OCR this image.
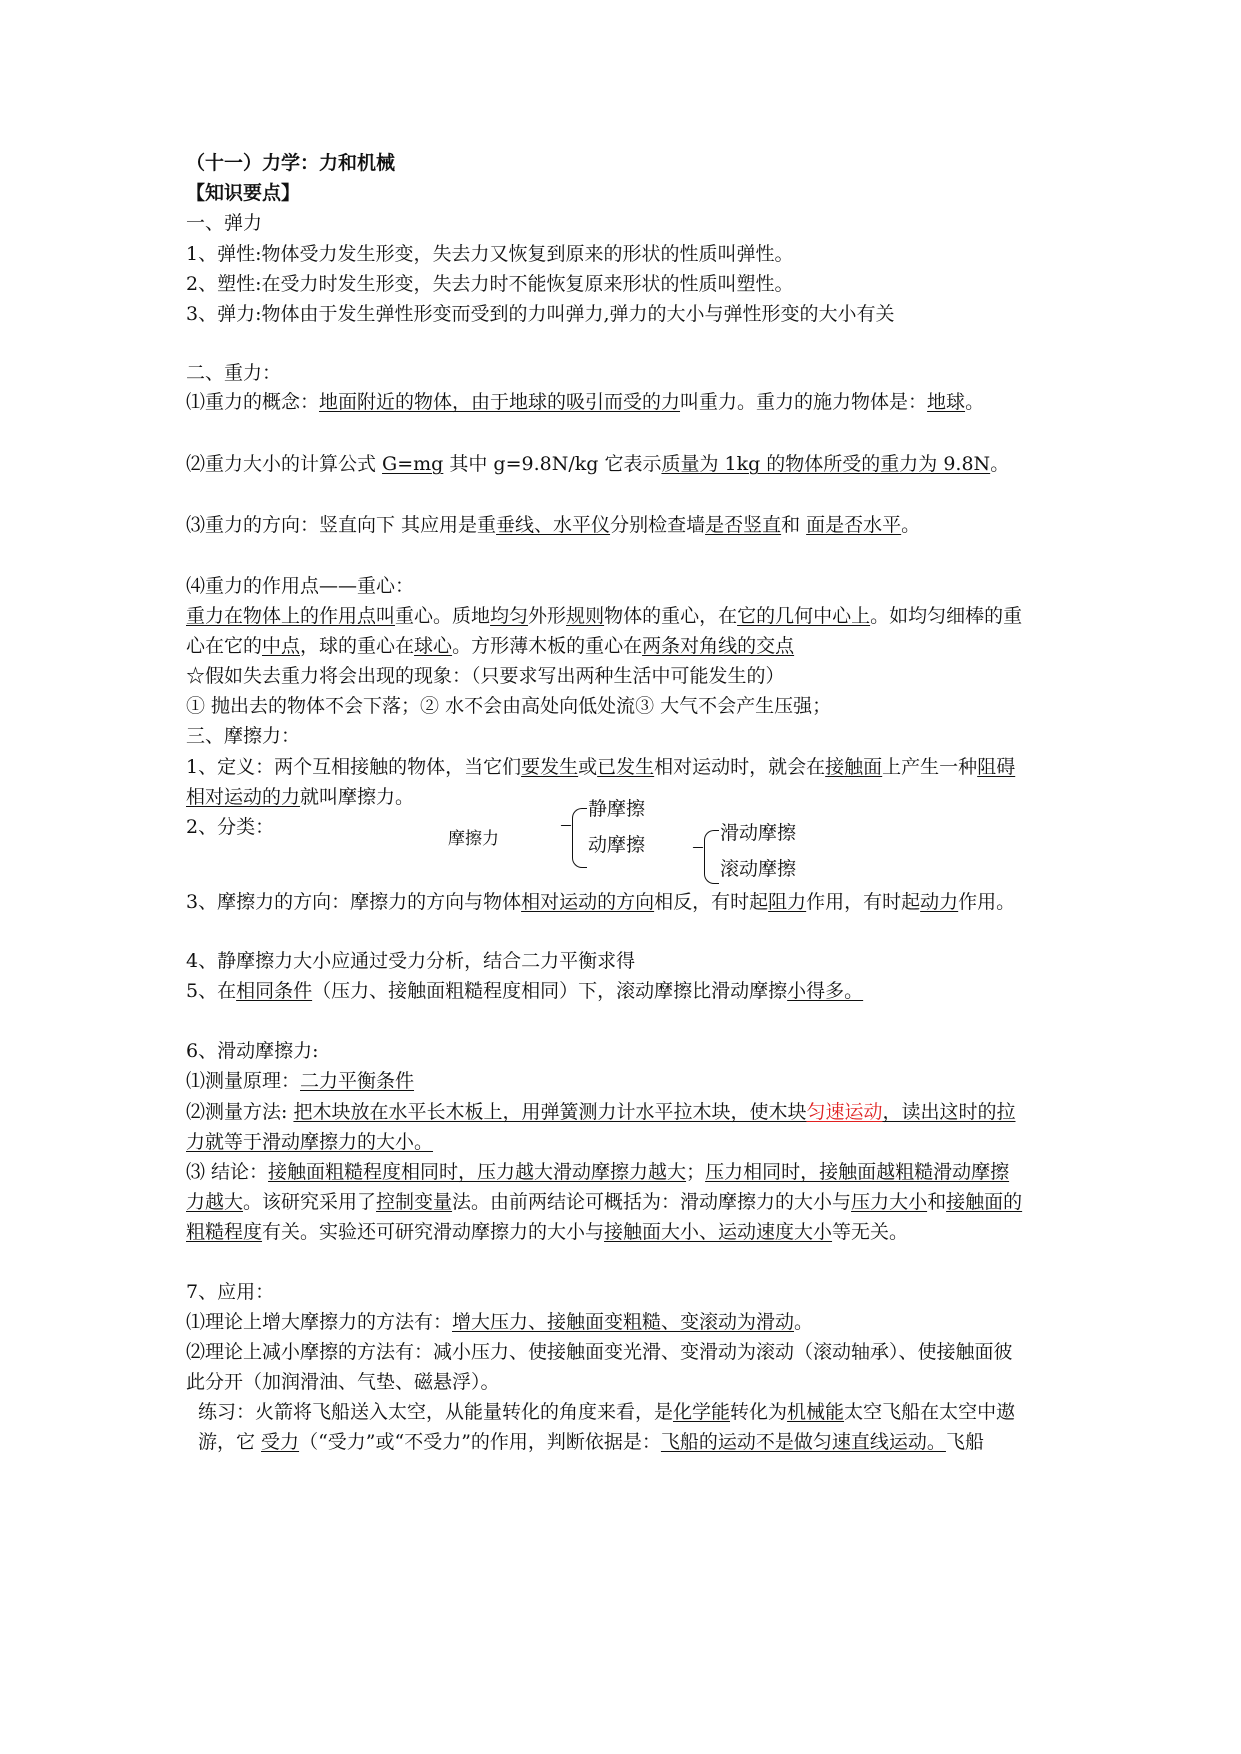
（十一）力学：力和机械
【知识要点】
一、弹力
1、弹性:物体受力发生形变，失去力又恢复到原来的形状的性质叫弹性。
2、塑性:在受力时发生形变，失去力时不能恢复原来形状的性质叫塑性。
3、弹力:物体由于发生弹性形变而受到的力叫弹力,弹力的大小与弹性形变的大小有关
二、重力：
⑴重力的概念：地面附近的物体，由于地球的吸引而受的力叫重力。重力的施力物体是：地球。
⑵重力大小的计算公式 G=mg 其中 g=9.8N/kg 它表示质量为 1kg 的物体所受的重力为 9.8N。
⑶重力的方向：竖直向下 其应用是重垂线、水平仪分别检查墙是否竖直和 面是否水平。
⑷重力的作用点——重心：
重力在物体上的作用点叫重心。质地均匀外形规则物体的重心，在它的几何中心上。如均匀细棒的重
心在它的中点，球的重心在球心。方形薄木板的重心在两条对角线的交点
☆假如失去重力将会出现的现象：（只要求写出两种生活中可能发生的）
① 抛出去的物体不会下落；② 水不会由高处向低处流③ 大气不会产生压强；
三、摩擦力：
1、定义：两个互相接触的物体，当它们要发生或已发生相对运动时，就会在接触面上产生一种阻碍
相对运动的力就叫摩擦力。
2、分类：
摩擦力
静摩擦
动摩擦
滑动摩擦
滚动摩擦
3、摩擦力的方向：摩擦力的方向与物体相对运动的方向相反，有时起阻力作用，有时起动力作用。
4、静摩擦力大小应通过受力分析，结合二力平衡求得
5、在相同条件（压力、接触面粗糙程度相同）下，滚动摩擦比滑动摩擦小得多。
6、滑动摩擦力:
⑴测量原理：二力平衡条件
⑵测量方法: 把木块放在水平长木板上，用弹簧测力计水平拉木块，使木块匀速运动，读出这时的拉
力就等于滑动摩擦力的大小。
⑶ 结论：接触面粗糙程度相同时，压力越大滑动摩擦力越大；压力相同时，接触面越粗糙滑动摩擦
力越大。该研究采用了控制变量法。由前两结论可概括为：滑动摩擦力的大小与压力大小和接触面的
粗糙程度有关。实验还可研究滑动摩擦力的大小与接触面大小、运动速度大小等无关。
7、应用：
⑴理论上增大摩擦力的方法有：增大压力、接触面变粗糙、变滚动为滑动。
⑵理论上减小摩擦的方法有：减小压力、使接触面变光滑、变滑动为滚动（滚动轴承）、使接触面彼
此分开（加润滑油、气垫、磁悬浮）。
练习：火箭将飞船送入太空，从能量转化的角度来看，是化学能转化为机械能太空飞船在太空中遨
游，它 受力（“受力”或“不受力”的作用，判断依据是：飞船的运动不是做匀速直线运动。飞船
